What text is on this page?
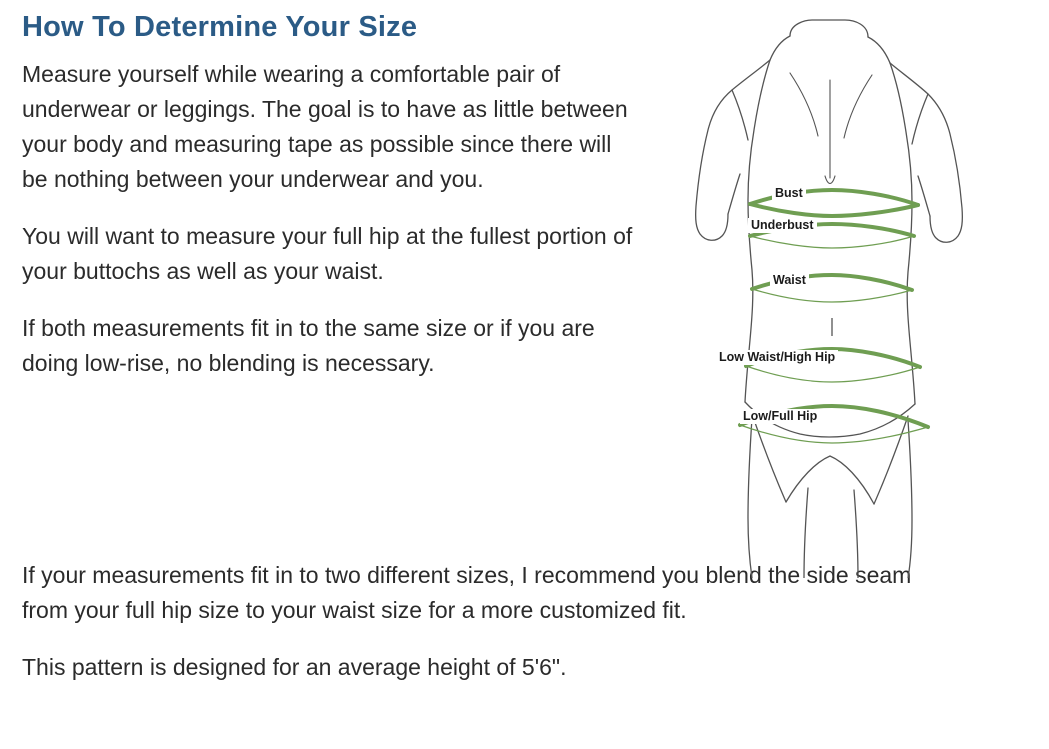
How To Determine Your Size

Measure yourself while wearing a comfortable pair of underwear or leggings. The goal is to have as little between your body and measuring tape as possible since there will be nothing between your underwear and you.

You will want to measure your full hip at the fullest portion of your buttochs as well as your waist.

If both measurements fit in to the same size or if you are doing low-rise, no blending is necessary.

If your measurements fit in to two different sizes, I recommend you blend the side seam from your full hip size to your waist size for a more customized fit.

This pattern is designed for an average height of 5'6".

Bust
Underbust
Waist
Low Waist/High Hip
Low/Full Hip
